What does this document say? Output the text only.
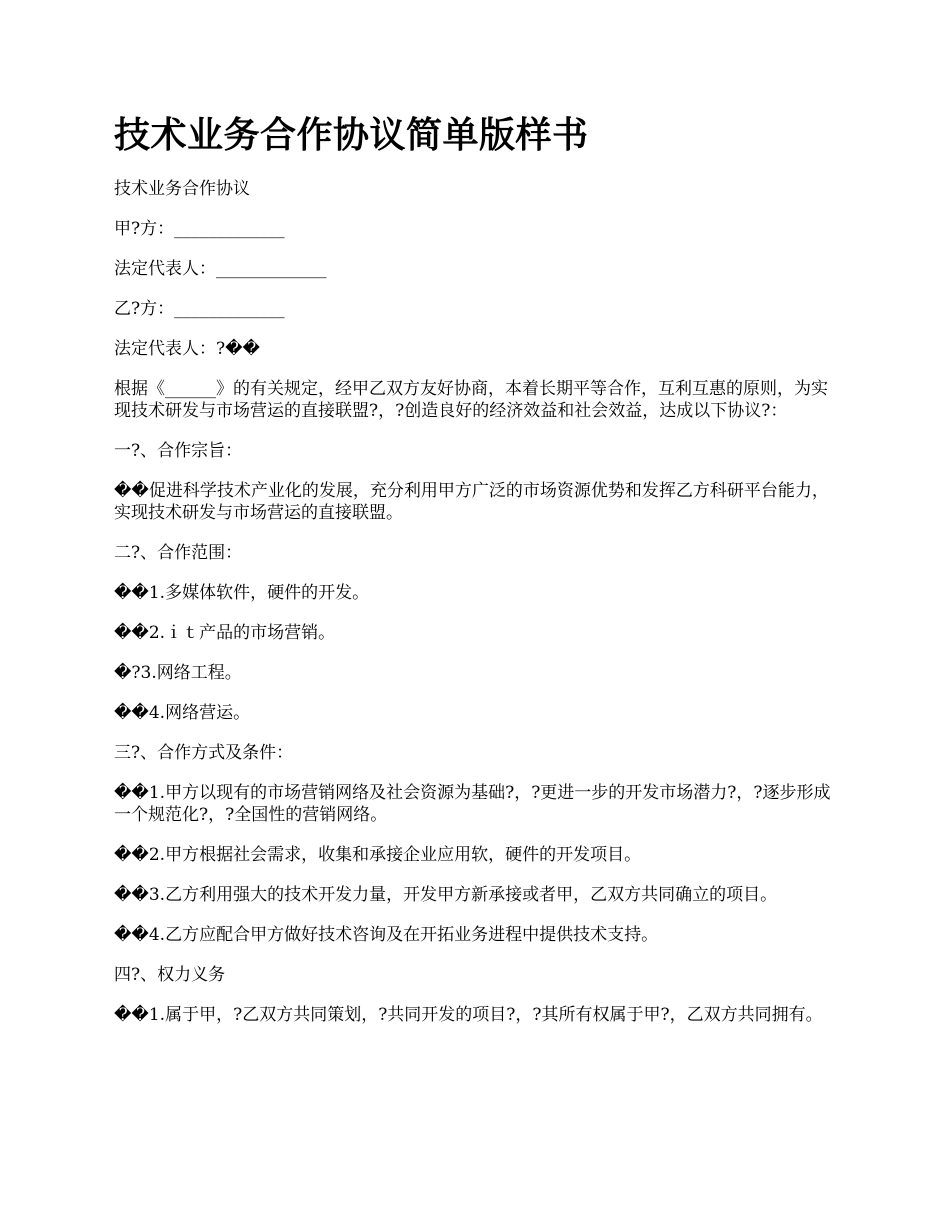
技术业务合作协议简单版样书

技术业务合作协议

甲?方：_____________

法定代表人：_____________

乙?方：_____________

法定代表人：?��

根据《______》的有关规定，经甲乙双方友好协商，本着长期平等合作，互利互惠的原则，为实现技术研发与市场营运的直接联盟?，?创造良好的经济效益和社会效益，达成以下协议?：

一?、合作宗旨：

��促进科学技术产业化的发展，充分利用甲方广泛的市场资源优势和发挥乙方科研平台能力，实现技术研发与市场营运的直接联盟。

二?、合作范围：

��1.多媒体软件，硬件的开发。

��2.ｉｔ产品的市场营销。

�?3.网络工程。

��4.网络营运。

三?、合作方式及条件：

��1.甲方以现有的市场营销网络及社会资源为基础?，?更进一步的开发市场潜力?，?逐步形成一个规范化?，?全国性的营销网络。

��2.甲方根据社会需求，收集和承接企业应用软，硬件的开发项目。

��3.乙方利用强大的技术开发力量，开发甲方新承接或者甲，乙双方共同确立的项目。

��4.乙方应配合甲方做好技术咨询及在开拓业务进程中提供技术支持。

四?、权力义务

��1.属于甲，?乙双方共同策划，?共同开发的项目?，?其所有权属于甲?，乙双方共同拥有。
